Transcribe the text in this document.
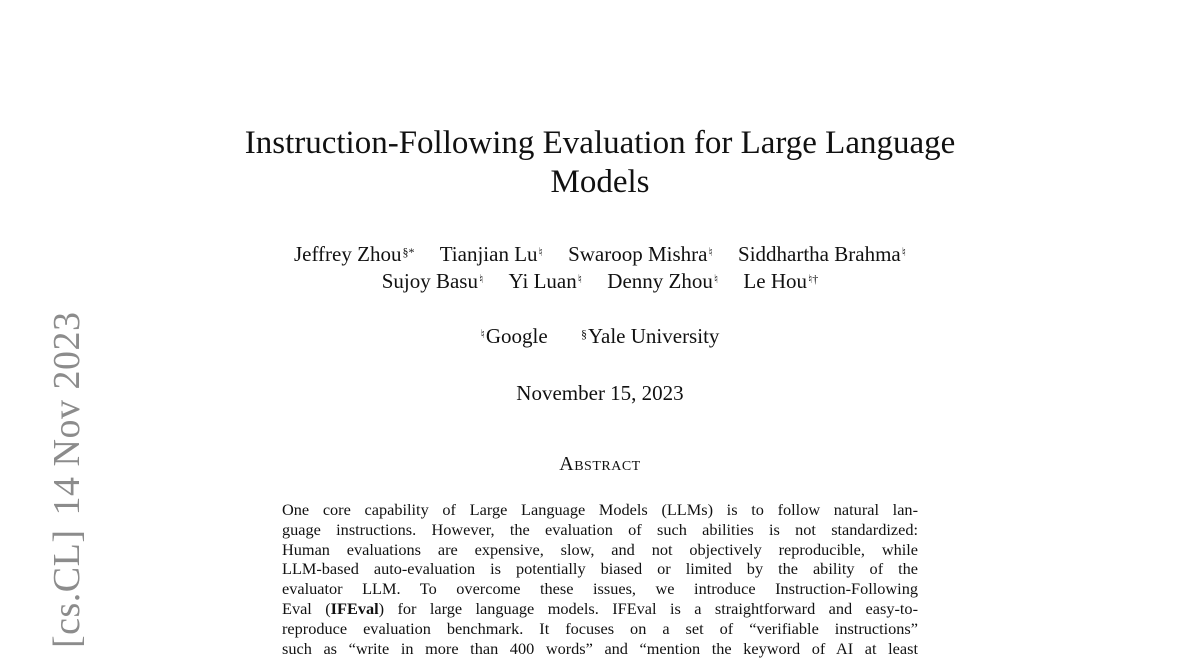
[cs.CL]14 Nov 2023
Instruction-Following Evaluation for Large Language Models
Jeffrey Zhou§* Tianjian Lu♮ Swaroop Mishra♮ Siddhartha Brahma♮
Sujoy Basu♮ Yi Luan♮ Denny Zhou♮ Le Hou♮†
♮Google	§Yale University
November 15, 2023
Abstract
One core capability of Large Language Models (LLMs) is to follow natural lan-
guage instructions. However, the evaluation of such abilities is not standardized:
Human evaluations are expensive, slow, and not objectively reproducible, while
LLM-based auto-evaluation is potentially biased or limited by the ability of the
evaluator LLM. To overcome these issues, we introduce Instruction-Following
Eval (IFEval) for large language models. IFEval is a straightforward and easy-to-
reproduce evaluation benchmark. It focuses on a set of “verifiable instructions”
such as “write in more than 400 words” and “mention the keyword of AI at least
